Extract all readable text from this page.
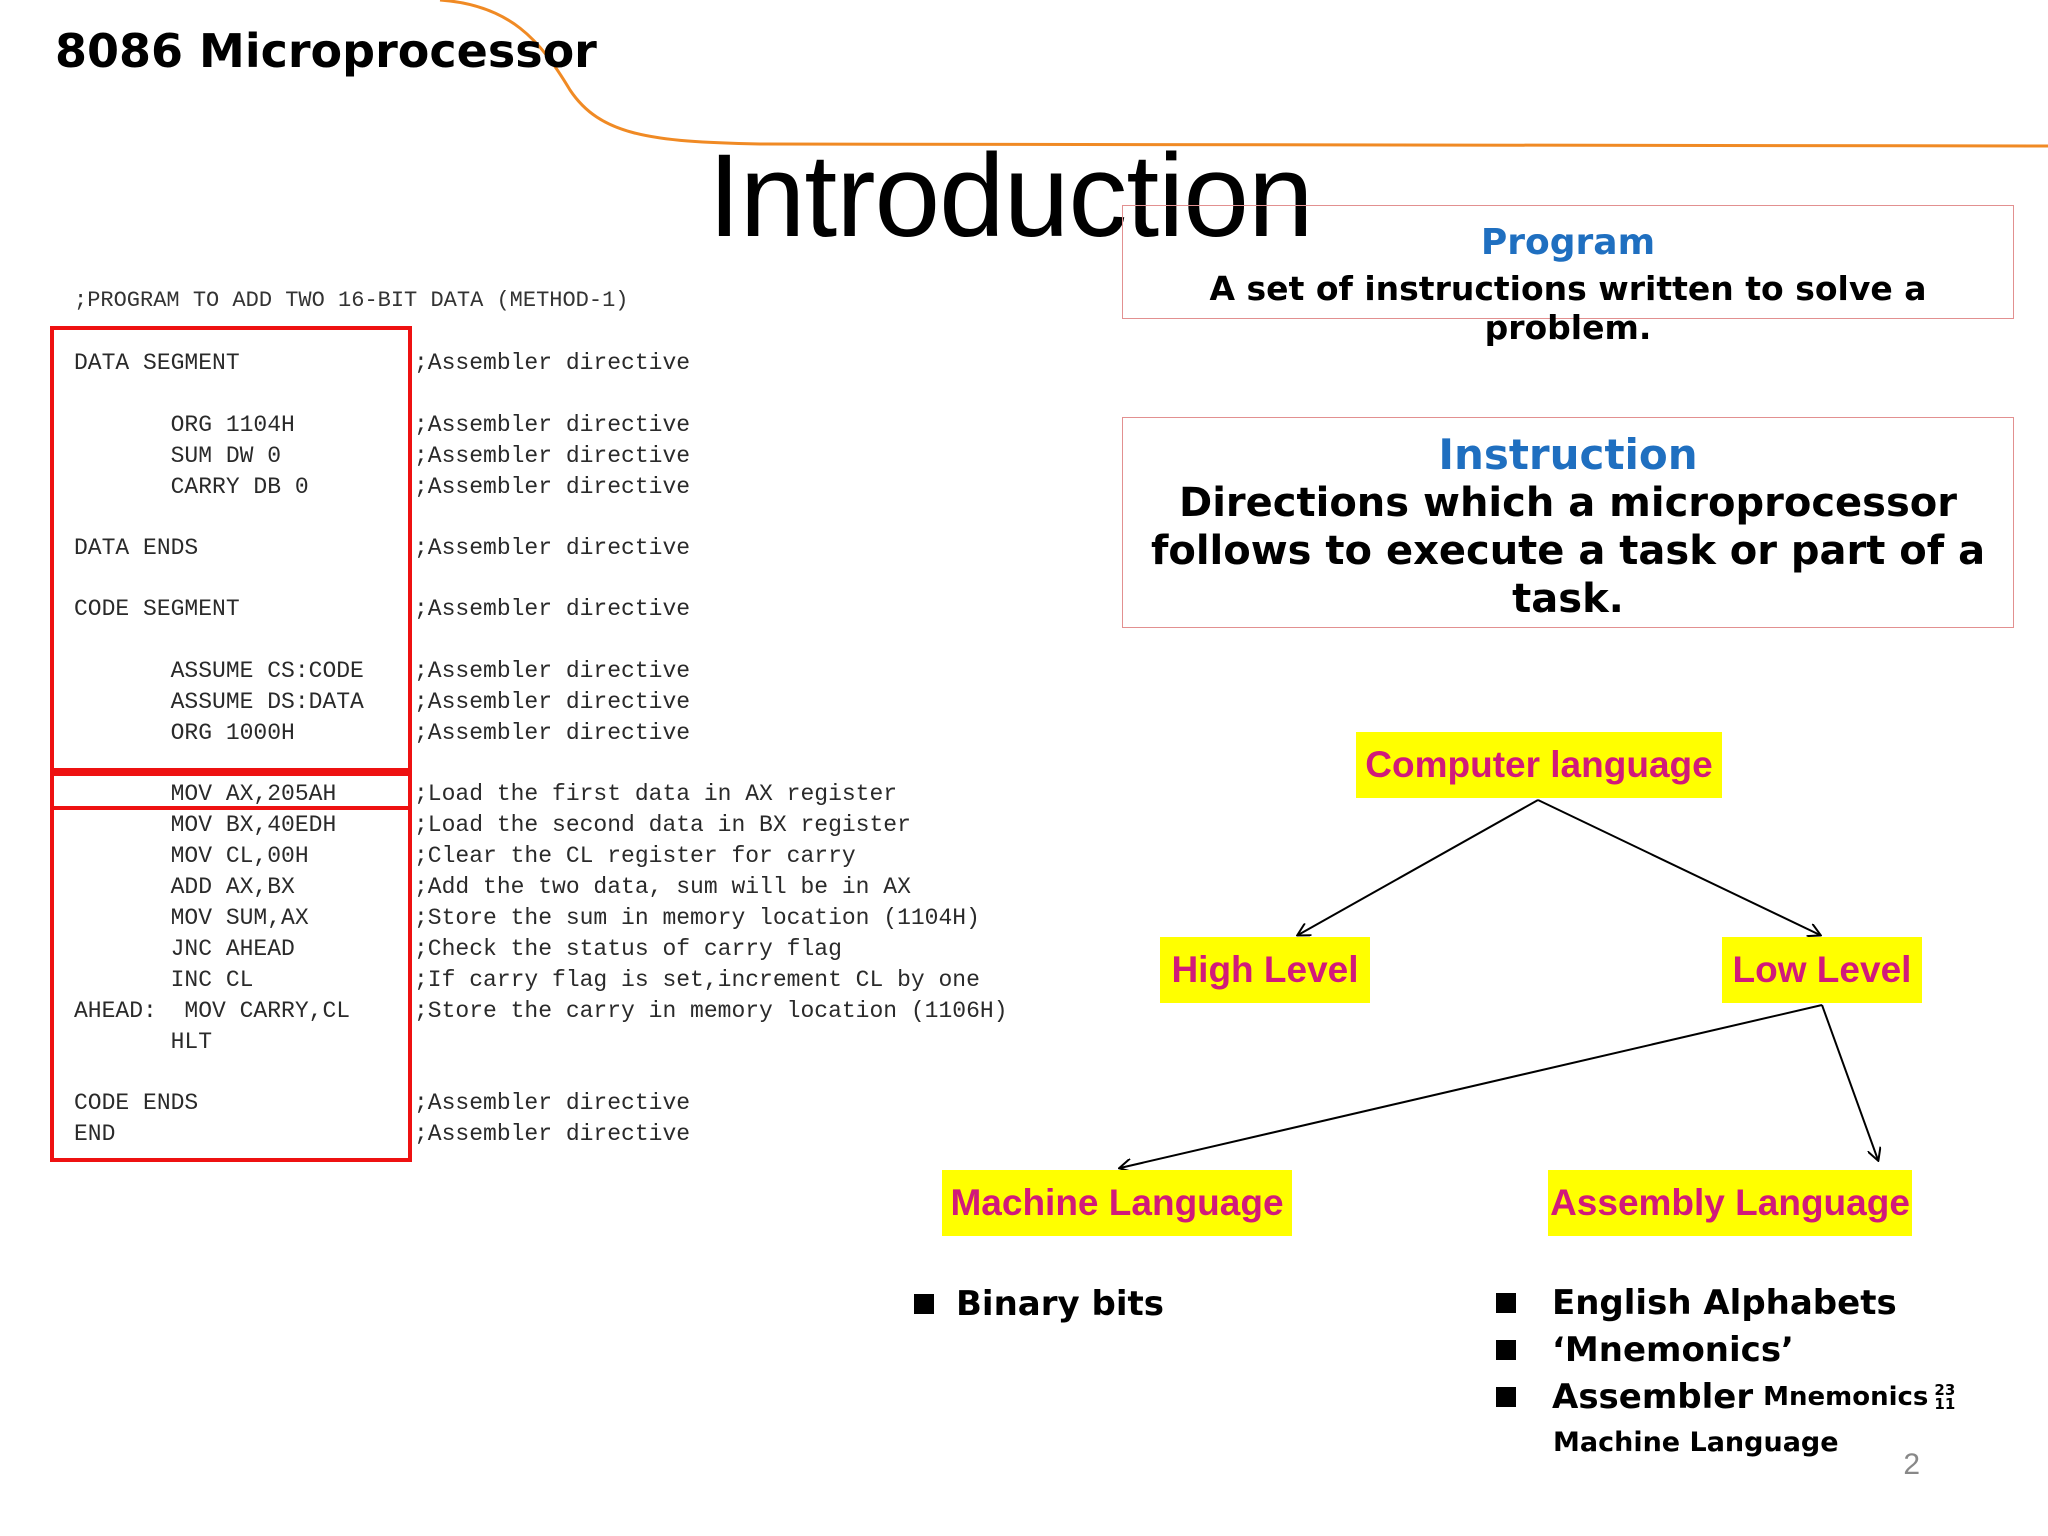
8086 Microprocessor
Introduction
;PROGRAM TO ADD TWO 16-BIT DATA (METHOD-1)
DATA SEGMENT	;Assembler directive
ORG 1104H	;Assembler directive
SUM DW 0	;Assembler directive
CARRY DB 0	;Assembler directive
DATA ENDS	;Assembler directive
CODE SEGMENT	;Assembler directive
ASSUME CS:CODE ;Assembler directive
ASSUME DS:DATA ;Assembler directive
ORG 1000H	;Assembler directive
MOV AX,205AH	;Load the first data in AX register
MOV BX,40EDH	;Load the second data in BX register
MOV CL,00H	;Clear the CL register for carry
ADD AX,BX	;Add the two data, sum will be in AX
MOV SUM,AX	;Store the sum in memory location (1104H)
JNC AHEAD	;Check the status of carry flag
INC CL	;If carry flag is set,increment CL by one
AHEAD:  MOV CARRY,CL	;Store the carry in memory location (1106H)
HLT
CODE ENDS	;Assembler directive
END	;Assembler directive
Program
A set of instructions written to solve a problem.
Instruction
Directions which a microprocessor follows to execute a task or part of a task.
Computer language
High Level	Low Level
Machine Language	Assembly Language
Binary bits	English Alphabets
‘Mnemonics’
Assembler Mnemonics 23
11
Machine Language
2
